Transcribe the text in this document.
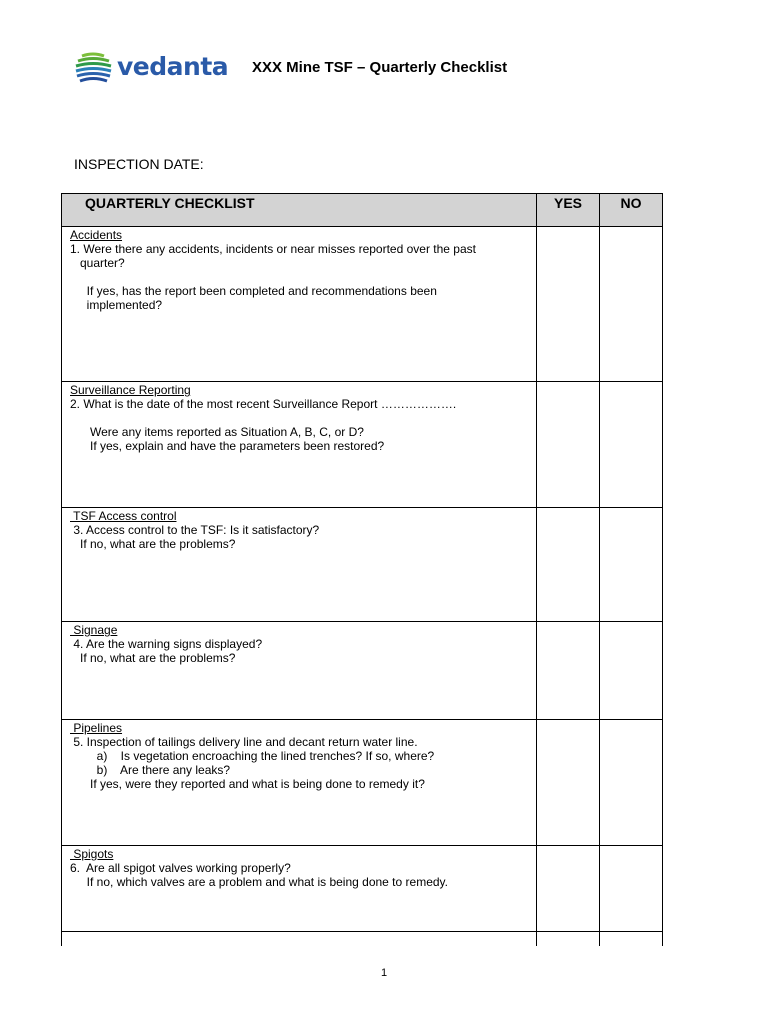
vedanta XXX Mine TSF – Quarterly Checklist
INSPECTION DATE:
QUARTERLY CHECKLIST	YES	NO

Accidents
1. Were there any accidents, incidents or near misses reported over the past
quarter?

If yes, has the report been completed and recommendations been
implemented?		

Surveillance Reporting
2. What is the date of the most recent Surveillance Report ……………….

Were any items reported as Situation A, B, C, or D?
If yes, explain and have the parameters been restored?		

TSF Access control
3. Access control to the TSF: Is it satisfactory?
If no, what are the problems?		

Signage
4. Are the warning signs displayed?
If no, what are the problems?		

Pipelines
5. Inspection of tailings delivery line and decant return water line.
a)    Is vegetation encroaching the lined trenches? If so, where?
b)    Are there any leaks?
If yes, were they reported and what is being done to remedy it?		

Spigots
6.  Are all spigot valves working properly?
If no, which valves are a problem and what is being done to remedy.		

1
